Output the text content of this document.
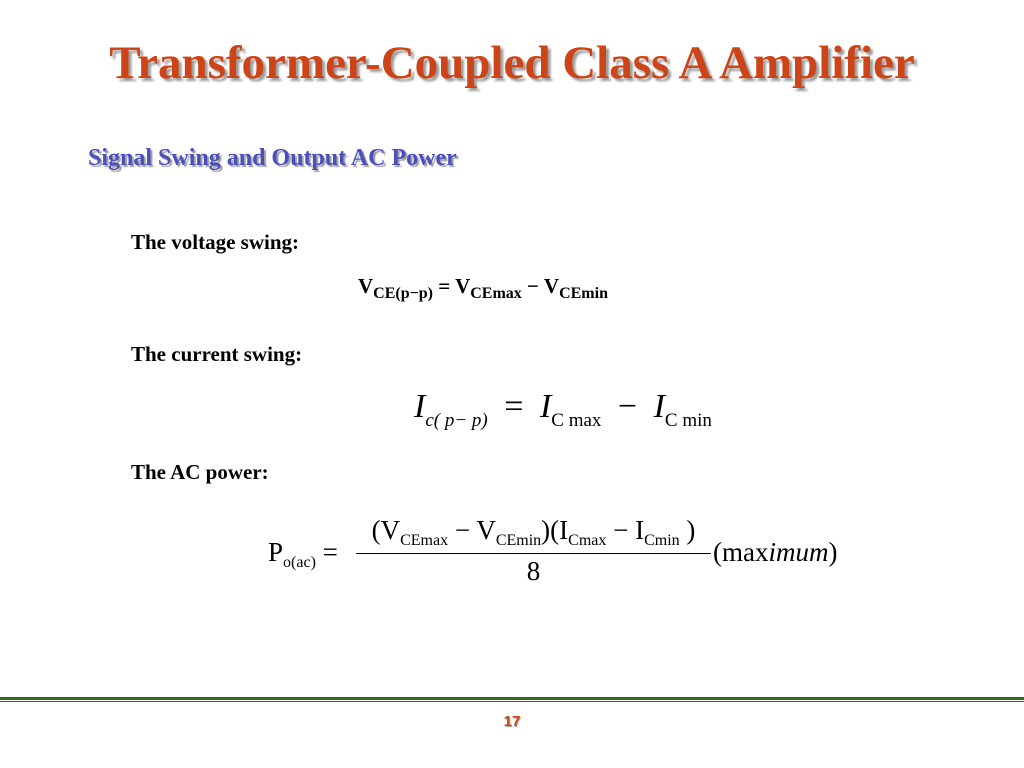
Transformer-Coupled Class A Amplifier
Signal Swing and Output AC Power
The voltage swing:
$V_{CE(p-p)} = V_{CEmax} - V_{CEmin}$
The current swing:
$I_{c( p- p)} = I_{C max} - I_{C min}$
The AC power:
$P_{o(ac)}$ =
$(V_{CEmax} - V_{CEmin})(I_{Cmax} - I_{Cmin}$ )
8
(maximum)
17
